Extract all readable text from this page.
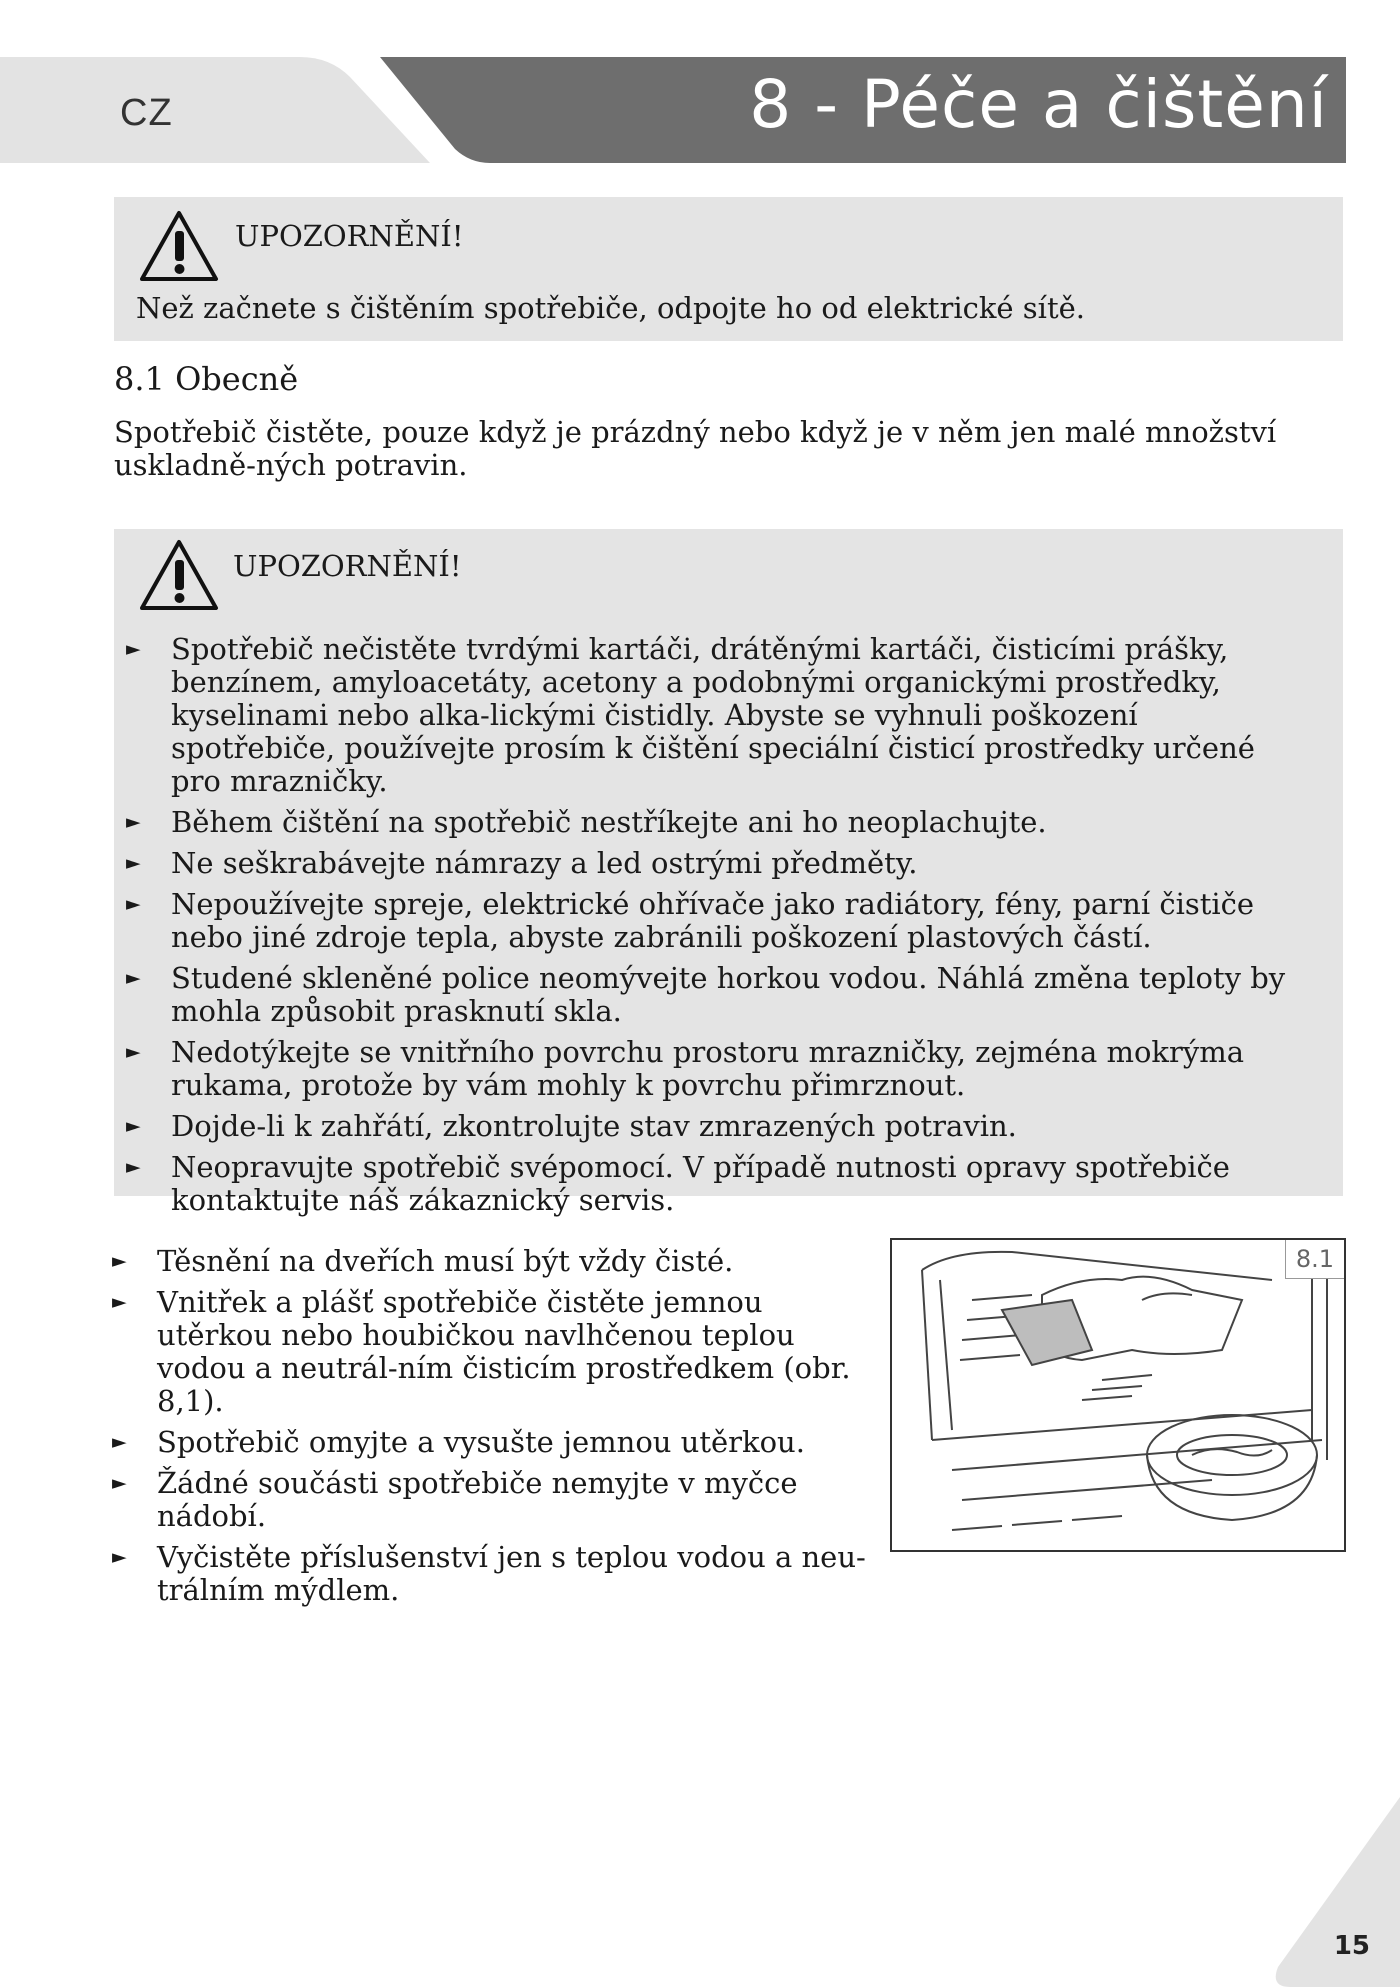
CZ	8 - Péče a čištění
UPOZORNĚNÍ!
Než začnete s čištěním spotřebiče, odpojte ho od elektrické sítě.
8.1 Obecně
Spotřebič čistěte, pouze když je prázdný nebo když je v něm jen malé množství uskladně-ných potravin.
UPOZORNĚNÍ!
► Spotřebič nečistěte tvrdými kartáči, drátěnými kartáči, čisticími prášky, benzínem, amyloacetáty, acetony a podobnými organickými prostředky, kyselinami nebo alka-lickými čistidly. Abyste se vyhnuli poškození spotřebiče, používejte prosím k čištění speciální čisticí prostředky určené pro mrazničky.
► Během čištění na spotřebič nestříkejte ani ho neoplachujte.
► Ne seškrabávejte námrazy a led ostrými předměty.
► Nepoužívejte spreje, elektrické ohřívače jako radiátory, fény, parní čističe nebo jiné zdroje tepla, abyste zabránili poškození plastových částí.
► Studené skleněné police neomývejte horkou vodou. Náhlá změna teploty by mohla způsobit prasknutí skla.
► Nedotýkejte se vnitřního povrchu prostoru mrazničky, zejména mokrýma rukama, protože by vám mohly k povrchu přimrznout.
► Dojde-li k zahřátí, zkontrolujte stav zmrazených potravin.
► Neopravujte spotřebič svépomocí. V případě nutnosti opravy spotřebiče kontaktujte náš zákaznický servis.
► Těsnění na dveřích musí být vždy čisté.
► Vnitřek a plášť spotřebiče čistěte jemnou utěrkou nebo houbičkou navlhčenou teplou vodou a neutrál-ním čisticím prostředkem (obr. 8,1).
► Spotřebič omyjte a vysušte jemnou utěrkou.
► Žádné součásti spotřebiče nemyjte v myčce nádobí.
► Vyčistěte příslušenství jen s teplou vodou a neu-trálním mýdlem.
8.1
15
